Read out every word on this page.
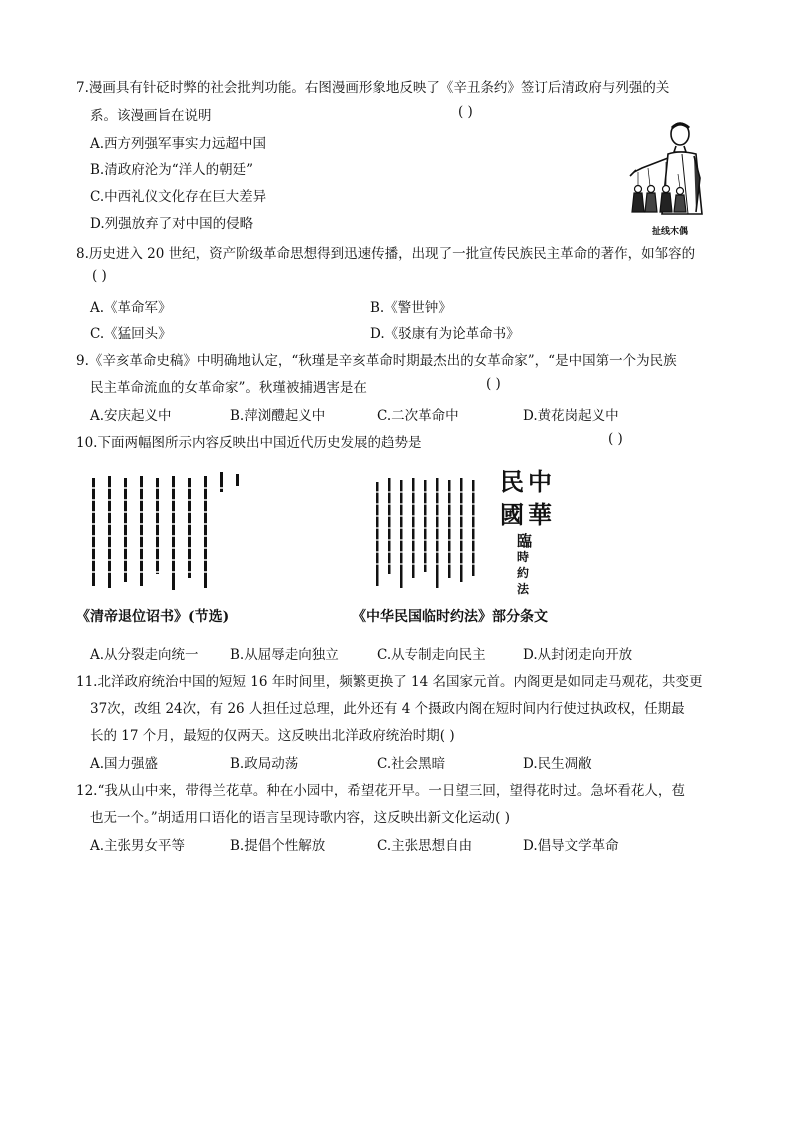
7.漫画具有针砭时弊的社会批判功能。右图漫画形象地反映了《辛丑条约》签订后清政府与列强的关
系。该漫画旨在说明	( )
A.西方列强军事实力远超中国
B.清政府沦为“洋人的朝廷”
C.中西礼仪文化存在巨大差异
D.列强放弃了对中国的侵略	扯线木偶
8.历史进入 20 世纪，资产阶级革命思想得到迅速传播，出现了一批宣传民族民主革命的著作，如邹容的
( )
A.《革命军》	B.《警世钟》
C.《猛回头》	D.《驳康有为论革命书》
9.《辛亥革命史稿》中明确地认定，“秋瑾是辛亥革命时期最杰出的女革命家”，“是中国第一个为民族
民主革命流血的女革命家”。秋瑾被捕遇害是在	( )
A.安庆起义中	B.萍浏醴起义中	C.二次革命中	D.黄花岗起义中
10.下面两幅图所示内容反映出中国近代历史发展的趋势是	( )
《清帝退位诏书》(节选)
中
華
民
國
臨
時
約
法
《中华民国临时约法》部分条文
A.从分裂走向统一 B.从屈辱走向独立	C.从专制走向民主	D.从封闭走向开放
11.北洋政府统治中国的短短 16 年时间里，频繁更换了 14 名国家元首。内阁更是如同走马观花，共变更
37次，改组 24次，有 26 人担任过总理，此外还有 4 个摄政内阁在短时间内行使过执政权，任期最
长的 17 个月，最短的仅两天。这反映出北洋政府统治时期( )
A.国力强盛	B.政局动荡	C.社会黑暗	D.民生凋敝
12.“我从山中来，带得兰花草。种在小园中，希望花开早。一日望三回，望得花时过。急坏看花人，苞
也无一个。”胡适用口语化的语言呈现诗歌内容，这反映出新文化运动( )
A.主张男女平等	B.提倡个性解放	C.主张思想自由	D.倡导文学革命
